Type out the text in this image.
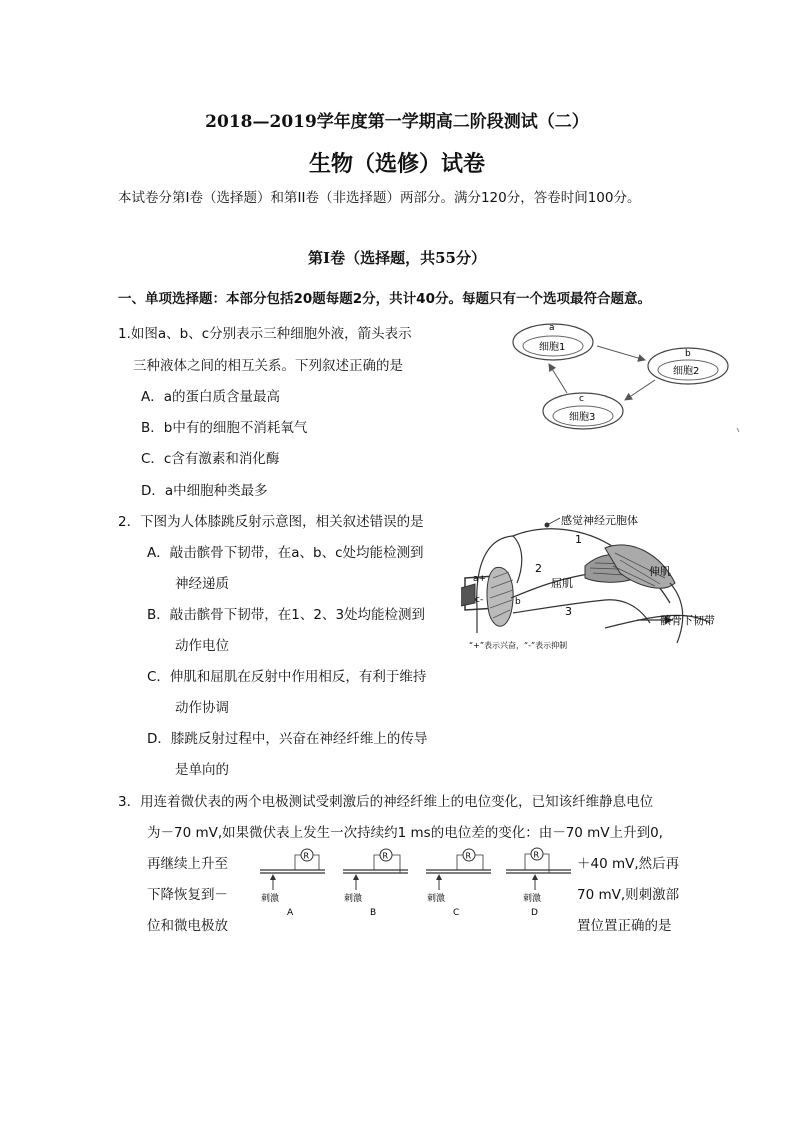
2018—2019学年度第一学期高二阶段测试（二）
生物（选修）试卷
本试卷分第I卷（选择题）和第II卷（非选择题）两部分。满分120分，答卷时间100分。
第I卷（选择题，共55分）
一、单项选择题：本部分包括20题每题2分，共计40分。每题只有一个选项最符合题意。
1.如图a、b、c分别表示三种细胞外液，箭头表示
三种液体之间的相互关系。下列叙述正确的是
A．a的蛋白质含量最高
B．b中有的细胞不消耗氧气
C．c含有激素和消化酶
D．a中细胞种类最多
a
细胞1
b
细胞2
c
细胞3
2．下图为人体膝跳反射示意图，相关叙述错误的是
A．敲击髌骨下韧带，在a、b、c处均能检测到
神经递质
B．敲击髌骨下韧带，在1、2、3处均能检测到
动作电位
C．伸肌和屈肌在反射中作用相反，有利于维持
动作协调
D．膝跳反射过程中，兴奋在神经纤维上的传导
是单向的
感觉神经元胞体
1
2
3
屈肌
伸肌
髌骨下韧带
a+
b
c-
“+”表示兴奋，“-”表示抑制
3．用连着微伏表的两个电极测试受刺激后的神经纤维上的电位变化，已知该纤维静息电位
为－70 mV,如果微伏表上发生一次持续约1 ms的电位差的变化：由－70 mV上升到0,
再继续上升至	＋40 mV,然后再
下降恢复到－	70 mV,则刺激部
位和微电极放	置位置正确的是
R
刺激
A
R
刺激
B
R
刺激
C
R
刺激
D
